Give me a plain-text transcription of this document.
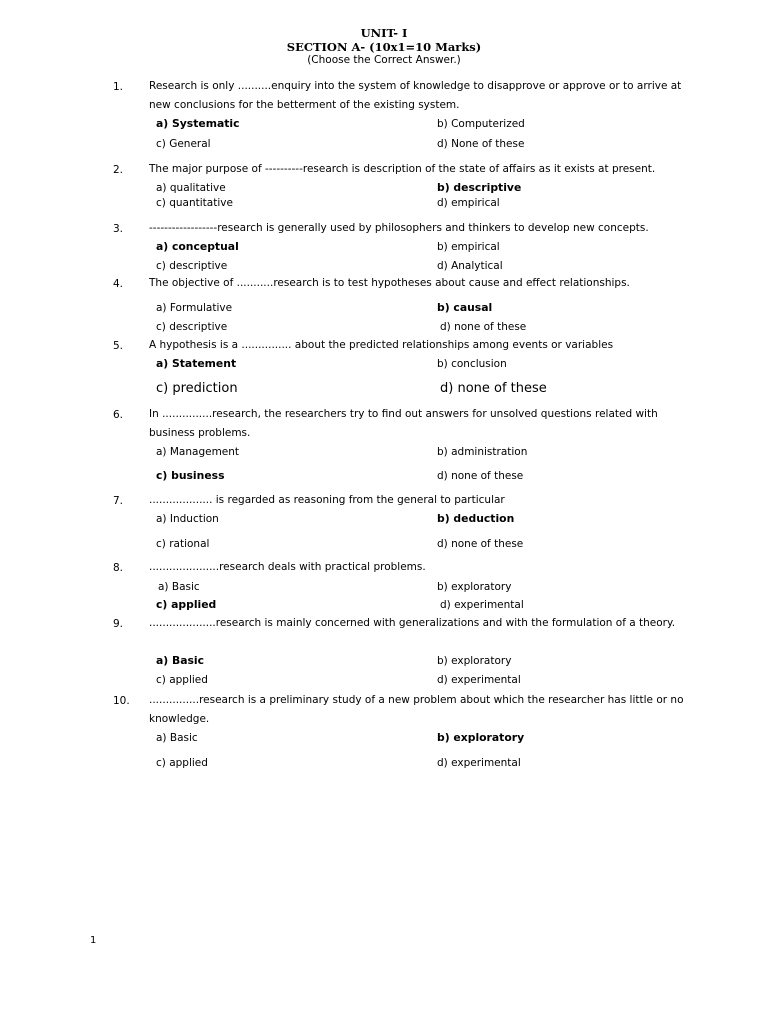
UNIT- I
SECTION A- (10x1=10 Marks)
(Choose the Correct Answer.)
1. Research is only ..........enquiry into the system of knowledge to disapprove or approve or to arrive at new conclusions for the betterment of the existing system.
a) Systematic	b) Computerized
c) General	d) None of these
2. The major purpose of ----------research is description of the state of affairs as it exists at present.
a) qualitative	b) descriptive
c) quantitative	d) empirical
3. ------------------research is generally used by philosophers and thinkers to develop new concepts.
a) conceptual	b) empirical
c) descriptive	d) Analytical
4. The objective of ...........research is to test hypotheses about cause and effect relationships.
a) Formulative	b) causal
c) descriptive	d) none of these
5. A hypothesis is a ............... about the predicted relationships among events or variables
a) Statement	b) conclusion
c) prediction	d) none of these
6. In ...............research, the researchers try to find out answers for unsolved questions related with business problems.
a) Management	b) administration
c) business	d) none of these
7. ................... is regarded as reasoning from the general to particular
a) Induction	b) deduction
c) rational	d) none of these
8. .....................research deals with practical problems.
a) Basic	b) exploratory
c) applied	d) experimental
9. ....................research is mainly concerned with generalizations and with the formulation of a theory.
a) Basic	b) exploratory
c) applied	d) experimental
10. ...............research is a preliminary study of a new problem about which the researcher has little or no knowledge.
a) Basic	b) exploratory
c) applied	d) experimental
1
